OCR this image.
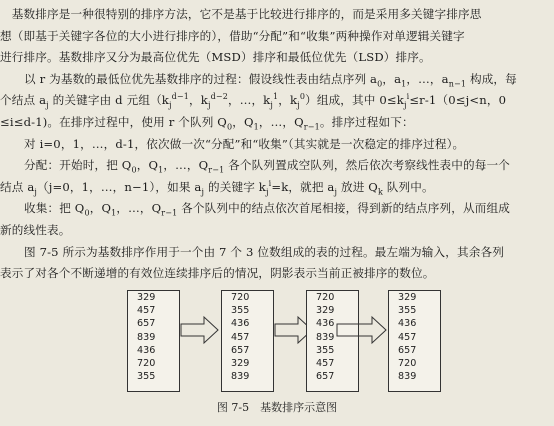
　基数排序是一种很特别的排序方法，它不是基于比较进行排序的，而是采用多关键字排序思
想（即基于关键字各位的大小进行排序的），借助“分配”和“收集”两种操作对单逻辑关键字
进行排序。基数排序又分为最高位优先（MSD）排序和最低位优先（LSD）排序。
以 r 为基数的最低位优先基数排序的过程：假设线性表由结点序列 $a_0$，$a_1$，…，$a_{n-1}$ 构成，每
个结点 $a_j$ 的关键字由 d 元组（$k_j^{d-1}$，$k_j^{d-2}$，…，$k_j^1$，$k_j^0$）组成，其中 $0\le k_j^i\le r-1(0\le j<n$，0
≤i≤d-1)。在排序过程中，使用 r 个队列 $Q_0$，$Q_1$，…，$Q_{r-1}$。排序过程如下：
对 i=0，1，…，d-1，依次做一次“分配”和“收集”（其实就是一次稳定的排序过程）。
分配：开始时，把 $Q_0$，$Q_1$，…，$Q_{r-1}$ 各个队列置成空队列，然后依次考察线性表中的每一个
结点 $a_j(j=0$，1，…，n−1），如果 $a_j$ 的关键字 $k_j^i=k$，就把 $a_j$ 放进 $Q_k$ 队列中。
收集：把 $Q_0$，$Q_1$，…，$Q_{r-1}$ 各个队列中的结点依次首尾相接，得到新的结点序列，从而组成
新的线性表。
图 7-5 所示为基数排序作用于一个由 7 个 3 位数组成的表的过程。最左端为输入，其余各列
表示了对各个不断递增的有效位连续排序后的情况，阴影表示当前正被排序的数位。
329
457
657
839
436
720
355
720
355
436
457
657
329
839
720
329
436
839
355
457
657
329
355
436
457
657
720
839
图 7-5　基数排序示意图
